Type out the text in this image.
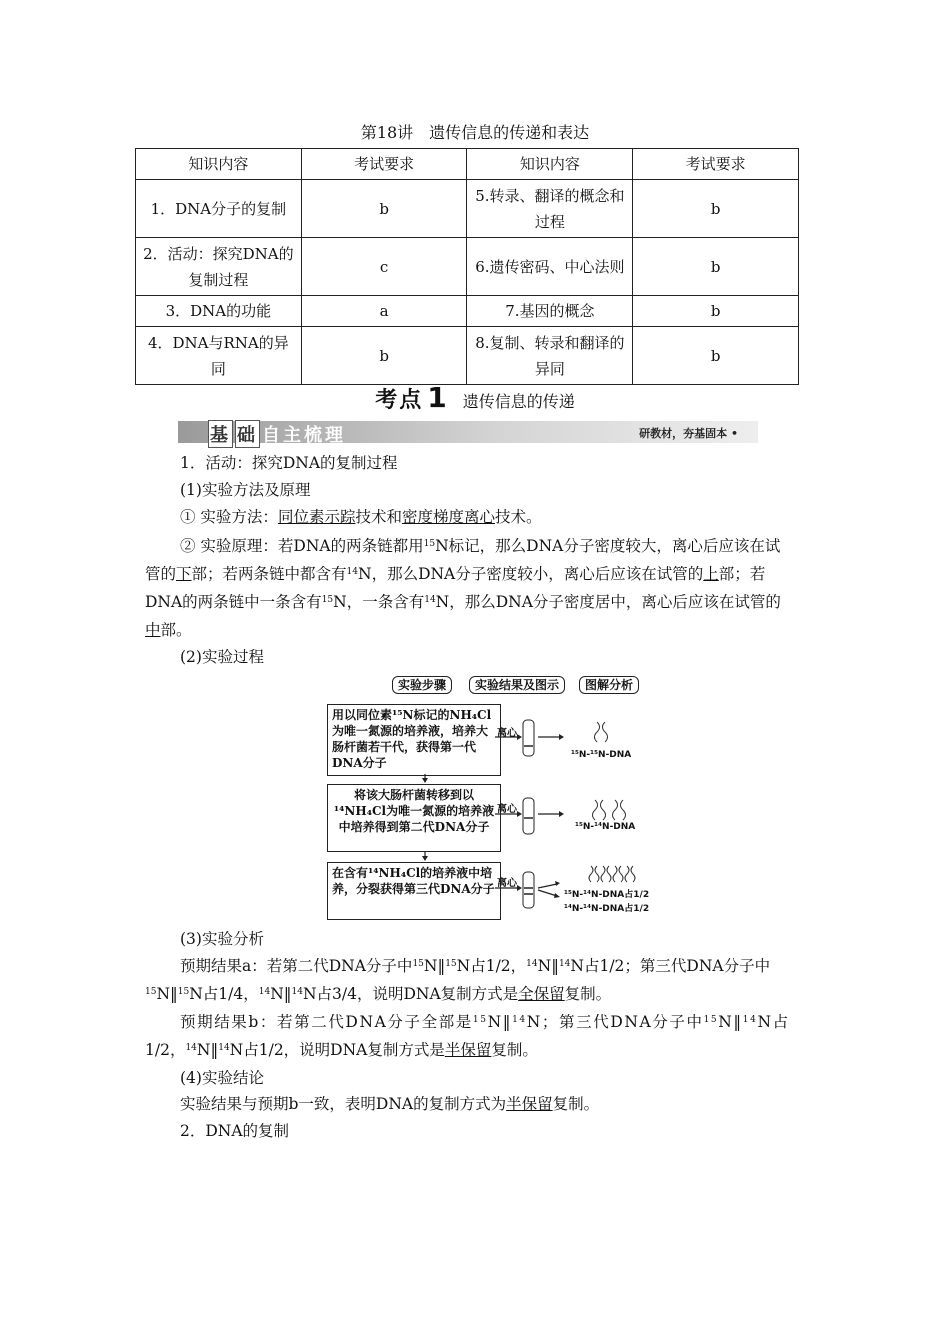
第18讲　遗传信息的传递和表达
知识内容	考试要求	知识内容	考试要求
1．DNA分子的复制	b	5.转录、翻译的概念和过程	b
2．活动：探究DNA的复制过程	c	6.遗传密码、中心法则	b
3．DNA的功能	a	7.基因的概念	b
4．DNA与RNA的异同	b	8.复制、转录和翻译的异同	b
考点 1 遗传信息的传递
基 础 自主梳理	研教材，夯基固本 •
1．活动：探究DNA的复制过程
(1)实验方法及原理
① 实验方法：同位素示踪技术和密度梯度离心技术。
② 实验原理：若DNA的两条链都用$^{15}$N标记，那么DNA分子密度较大，离心后应该在试
管的下部；若两条链中都含有$^{14}$N，那么DNA分子密度较小，离心后应该在试管的上部；若
DNA的两条链中一条含有$^{15}$N，一条含有$^{14}$N，那么DNA分子密度居中，离心后应该在试管的
中部。
(2)实验过程
实验步骤	实验结果及图示	图解分析
用以同位素¹⁵N标记的NH₄Cl为唯一氮源的培养液，培养大肠杆菌若干代，获得第一代DNA分子
将该大肠杆菌转移到以¹⁴NH₄Cl为唯一氮源的培养液中培养得到第二代DNA分子
在含有¹⁴NH₄Cl的培养液中培养，分裂获得第三代DNA分子
离心
离心
离心
¹⁵N-¹⁵N-DNA
¹⁵N-¹⁴N-DNA
¹⁵N-¹⁴N-DNA占1/2
¹⁴N-¹⁴N-DNA占1/2
(3)实验分析
预期结果a：若第二代DNA分子中$^{15}$N‖$^{15}$N占1/2，$^{14}$N‖$^{14}$N占1/2；第三代DNA分子中
$^{15}$N‖$^{15}$N占1/4，$^{14}$N‖$^{14}$N占3/4，说明DNA复制方式是全保留复制。
预期结果b：若第二代DNA分子全部是$^{15}$N‖$^{14}$N；第三代DNA分子中$^{15}$N‖$^{14}$N占
1/2，$^{14}$N‖$^{14}$N占1/2，说明DNA复制方式是半保留复制。
(4)实验结论
实验结果与预期b一致，表明DNA的复制方式为半保留复制。
2．DNA的复制
